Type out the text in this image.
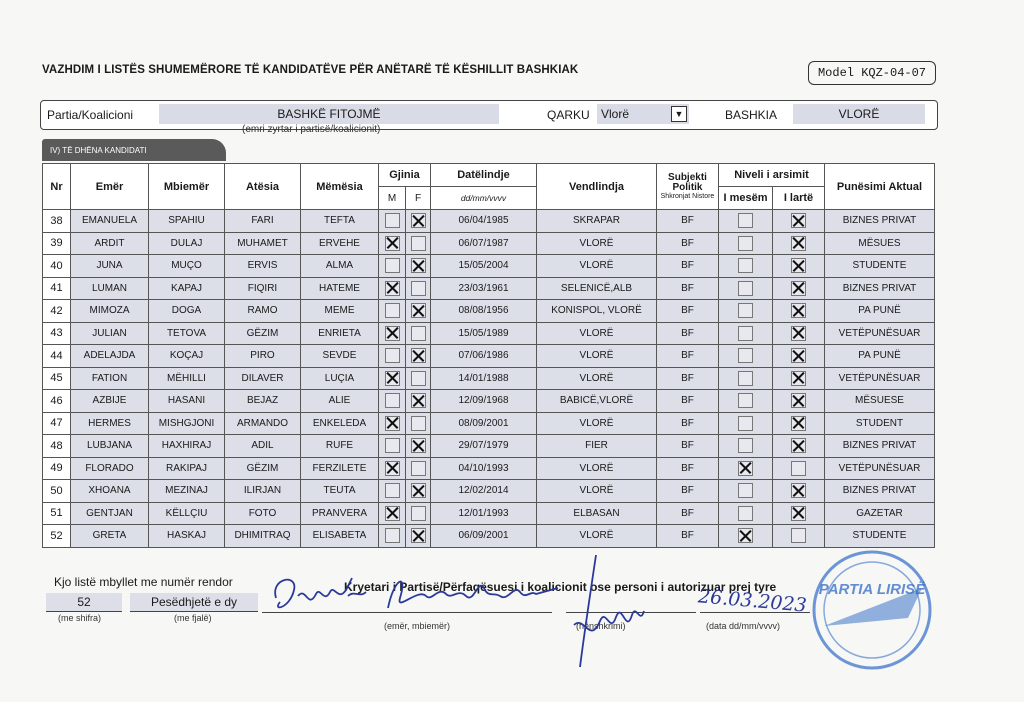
VAZHDIM I LISTËS SHUMEMËRORE TË KANDIDATËVE PËR ANËTARË TË KËSHILLIT BASHKIAK	Model KQZ-04-07
Partia/Koalicioni	BASHKË FITOJMË	QARKU Vlorë	▼	BASHKIA	VLORË
(emri zyrtar i partisë/koalicionit)
IV) TË DHËNA KANDIDATI
Nr	Emër	Mbiemër	Atësia	Mëmësia	Gjinia		Datëlindje	Vendlindja	Subjekti Politik
Shkronjat Nistore	Niveli i arsimit		Punësimi Aktual
					M	F	dd/mm/vvvv			I mesëm	I lartë	
38	EMANUELA	SPAHIU	FARI	TEFTA			06/04/1985	SKRAPAR	BF			BIZNES PRIVAT
39	ARDIT	DULAJ	MUHAMET	ERVEHE			06/07/1987	VLORË	BF			MËSUES
40	JUNA	MUÇO	ERVIS	ALMA			15/05/2004	VLORË	BF			STUDENTE
41	LUMAN	KAPAJ	FIQIRI	HATEME			23/03/1961	SELENICË,ALB	BF			BIZNES PRIVAT
42	MIMOZA	DOGA	RAMO	MEME			08/08/1956	KONISPOL, VLORË	BF			PA PUNË
43	JULIAN	TETOVA	GËZIM	ENRIETA			15/05/1989	VLORË	BF			VETËPUNËSUAR
44	ADELAJDA	KOÇAJ	PIRO	SEVDE			07/06/1986	VLORË	BF			PA PUNË
45	FATION	MËHILLI	DILAVER	LUÇIA			14/01/1988	VLORË	BF			VETËPUNËSUAR
46	AZBIJE	HASANI	BEJAZ	ALIE			12/09/1968	BABICË,VLORË	BF			MËSUESE
47	HERMES	MISHGJONI	ARMANDO	ENKELEDA			08/09/2001	VLORË	BF			STUDENT
48	LUBJANA	HAXHIRAJ	ADIL	RUFE			29/07/1979	FIER	BF			BIZNES PRIVAT
49	FLORADO	RAKIPAJ	GËZIM	FERZILETE			04/10/1993	VLORË	BF			VETËPUNËSUAR
50	XHOANA	MEZINAJ	ILIRJAN	TEUTA			12/02/2014	VLORË	BF			BIZNES PRIVAT
51	GENTJAN	KËLLÇIU	FOTO	PRANVERA			12/01/1993	ELBASAN	BF			GAZETAR
52	GRETA	HASKAJ	DHIMITRAQ	ELISABETA			06/09/2001	VLORË	BF			STUDENTE
Kjo listë mbyllet me numër rendor
52
(me shifra)
Pesëdhjetë e dy
(me fjalë)
Kryetari i Partisë/Përfaqësuesi i koalicionit ose personi i autorizuar prej tyre
(emër, mbiemër)	(nënshkrimi)	(data dd/mm/vvvv)
26.03.2023 PARTIA LIRISË
